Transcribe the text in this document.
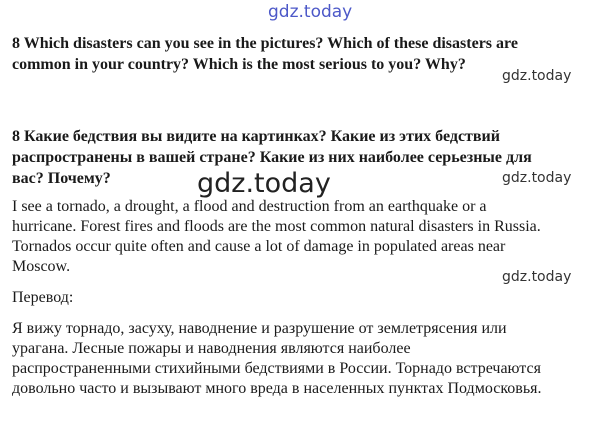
gdz.today
8 Which disasters can you see in the pictures? Which of these disasters are
common in your country? Which is the most serious to you? Why?
gdz.today
8 Какие бедствия вы видите на картинках? Какие из этих бедствий
распространены в вашей стране? Какие из них наиболее серьезные для
вас? Почему?	gdz.today	gdz.today
I see a tornado, a drought, a flood and destruction from an earthquake or a
hurricane. Forest fires and floods are the most common natural disasters in Russia.
Tornados occur quite often and cause a lot of damage in populated areas near
Moscow.
gdz.today
Перевод:
Я вижу торнадо, засуху, наводнение и разрушение от землетрясения или
урагана. Лесные пожары и наводнения являются наиболее
распространенными стихийными бедствиями в России. Торнадо встречаются
довольно часто и вызывают много вреда в населенных пунктах Подмосковья.
